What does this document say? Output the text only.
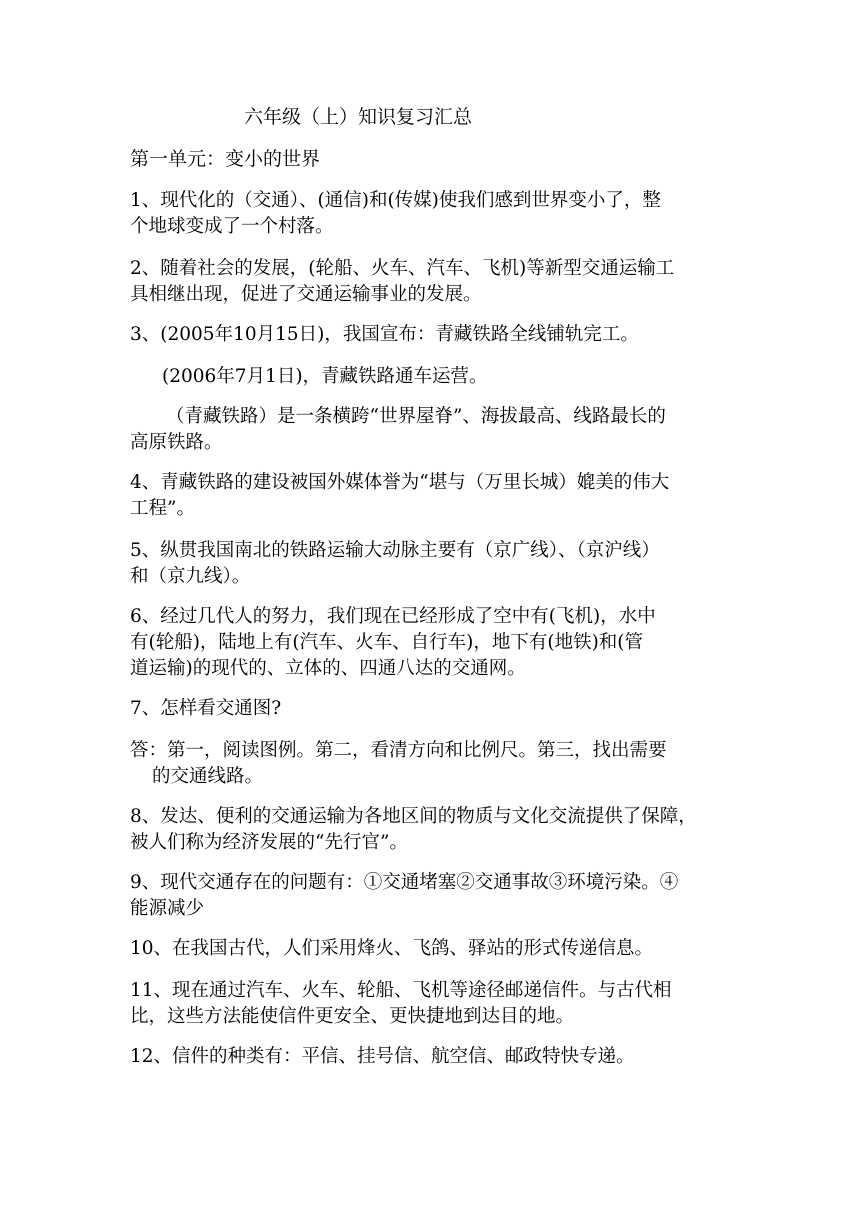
六年级（上）知识复习汇总
第一单元：变小的世界
1、现代化的（交通）、(通信)和(传媒)使我们感到世界变小了，整
个地球变成了一个村落。
2、随着社会的发展，(轮船、火车、汽车、飞机)等新型交通运输工
具相继出现，促进了交通运输事业的发展。
3、(2005年10月15日)，我国宣布：青藏铁路全线铺轨完工。
(2006年7月1日)，青藏铁路通车运营。
（青藏铁路）是一条横跨“世界屋脊”、海拔最高、线路最长的
高原铁路。
4、青藏铁路的建设被国外媒体誉为“堪与（万里长城）媲美的伟大
工程”。
5、纵贯我国南北的铁路运输大动脉主要有（京广线）、（京沪线）
和（京九线）。
6、经过几代人的努力，我们现在已经形成了空中有(飞机)，水中
有(轮船)，陆地上有(汽车、火车、自行车)，地下有(地铁)和(管
道运输)的现代的、立体的、四通八达的交通网。
7、怎样看交通图?
答：第一，阅读图例。第二，看清方向和比例尺。第三，找出需要
的交通线路。
8、发达、便利的交通运输为各地区间的物质与文化交流提供了保障，
被人们称为经济发展的“先行官”。
9、现代交通存在的问题有：①交通堵塞②交通事故③环境污染。④
能源减少
10、在我国古代，人们采用烽火、飞鸽、驿站的形式传递信息。
11、现在通过汽车、火车、轮船、飞机等途径邮递信件。与古代相
比，这些方法能使信件更安全、更快捷地到达目的地。
12、信件的种类有：平信、挂号信、航空信、邮政特快专递。
